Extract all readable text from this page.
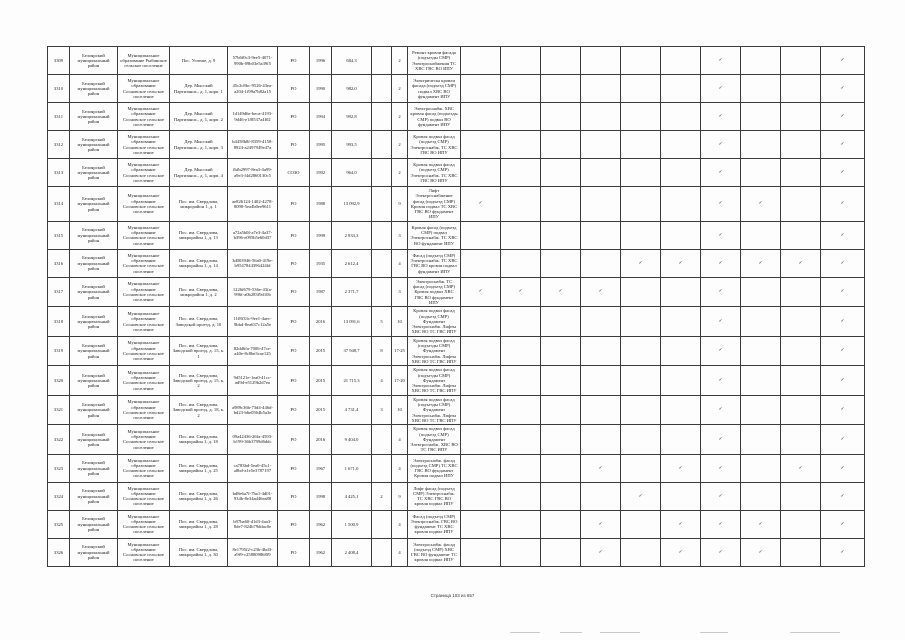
3309	Белоярский муниципальный район	Муниципальное образование Рыбинское сельское поселение	Пос. Углеше, д. 9	57b6f0c3-9ee5-4071-990b-09b03e5a39f5	РО	1996	684,3		2	Ремонт кровли фасада (подъезды СМР) Электроснабжения ТС ХВС ГВС ВО ИПУ							✓			✓
3310	Белоярский муниципальный район	Муниципальное образование Сосновское сельское поселение	Дер. Мысский Партизанск., д. 1, корп. 1	45c2c8bc-9526-43ea-a204-1f99a7b82a15	РО	1990	982,0		2	Электрическа кровли фасада (подъезд СМР) подвал ХВС ВО фундамент ИПУ							✓			✓
3311	Белоярский муниципальный район	Муниципальное образование Сосновское сельское поселение	Дер. Мысский Партизанск., д. 1, корп. 2	1d149d6e-beca-4193-9d46-e1f8537a4f02	РО	1994	992,8		2	Электроснабж. ХВС кровля фасад (подъезды СМР) подвал ВО фундамент ИПУ							✓			✓
3312	Белоярский муниципальный район	Муниципальное образование Сосновское сельское поселение	Дер. Мысский Партизанск., д. 1, корп. 3	b4458b8f-8359-4158-8924-a2497949e47a	РО	1995	993,5		2	Кровля подвал фасад (подъезд СМР) Электроснабж. ТС ХВС ГВС ВО ИПУ							✓			✓
3313	Белоярский муниципальный район	Муниципальное образование Сосновское сельское поселение	Дер. Мысский Партизанск., д. 1, корп. 4	fbfb2997-8ea3-4a99-a9e3-f4d2860130c5	СОЗО	1992	964,0		2	Кровля подвал фасад (подъезд СМР) Электроснабж. ТС ХВС ГВС ВО ИПУ							✓			✓
3314	Белоярский муниципальный район	Муниципальное образование Сосновское сельское поселение	Пос. им. Свердлова, микрорайон 1, д. 1	ae826124-1402-4278-8098-5ea4b0ee9611	РО	1988	13 092,9		9	Лифт Электроснабжение фасад (подъезд СМР) Кровля подвал ТС ХВС ГВС ВО фундамент ИПУ	✓						✓	✓		✓
3315	Белоярский муниципальный район	Муниципальное образование Сосновское сельское поселение	Пос. им. Свердлова, микрорайон 1, д. 13	a72a5b0f-a7e3-4a37-b396-e095b5e60d37	РО	1999	2 933,3		3	Кровля фасад (подъезд СМР) подвал Электроснабж. ТС ХВС ВО фундамент ИПУ							✓			✓
3316	Белоярский муниципальный район	Муниципальное образование Сосновское сельское поселение	Пос. им. Свердлова, микрорайон 1, д. 14	3d003946-56a0-419e-b9547844396424fd	РО	1935	2 612,4		4	Фасад (подъезд СМР) Электроснабж. ТС ХВС ГВС ВО кровля подвал фундамент ИПУ					✓	✓	✓	✓	✓	✓
3317	Белоярский муниципальный район	Муниципальное образование Сосновское сельское поселение	Пос. им. Свердлова, микрорайон 1, д. 2	1226f679-536e-43fa-996f-a0b283f9d10b	РО	1987	2 371,7		3	Электроснабж. ТС фасад (подъезд СМР) Кровля подвал ХВС ГВС ВО фундамент ИПУ	✓	✓	✓	✓			✓			✓
3318	Белоярский муниципальный район	Муниципальное образование Сосновское сельское поселение	Пос. им. Свердлова, Заводской проезд, д. 10	11f8f33c-9ee1-4aec-9bbd-8ea637c12a5e	РО	2016	13 091,6	5	10	Кровля подвал фасад (подъезд СМР) Фундамент Электроснабж. Лифты ХВС ВО ТС ГВС ИПУ							✓			✓
3319	Белоярский муниципальный район	Муниципальное образование Сосновское сельское поселение	Пос. им. Свердлова, Заводской проезд, д. 15, к. 1	82dd6fa-7006-47ce-a40e-8c8be3cae125	РО	2015	37 948,7	8	17-25	Кровля подвал фасад (подъезды СМР) Фундамент Электроснабж. Лифты ХВС ВО ТС ГВС ИПУ							✓			✓
3320	Белоярский муниципальный район	Муниципальное образование Сосновское сельское поселение	Пос. им. Свердлова, Заводской проезд, д. 15, к. 2	9d5121e-1ea0-41cc-ad9d-e5129b2d7ea	РО	2015	21 715,3	4	17-20	Кровля подвал фасад (подъезды СМР) Фундамент Электроснабж. Лифты ХВС ВО ТС ГВС ИПУ							✓			✓
3321	Белоярский муниципальный район	Муниципальное образование Сосновское сельское поселение	Пос. им. Свердлова, Заводской проезд, д. 18, к. 2	a989c36b-73d4-446d-bd23-b6e0564b5a3e	РО	2015	4 731,4	3	10	Кровля подвал фасад (подъезды СМР) Фундамент Электроснабж. Лифты ХВС ВО ТС ГВС ИПУ							✓			✓
3322	Белоярский муниципальный район	Муниципальное образование Сосновское сельское поселение	Пос. им. Свердлова, микрорайон 1, д. 18	09a42436-26fa-4593-b199-36b3799d6ddc	РО	2016	9 404,0		4	Кровля подвал фасад (подъезд СМР) Фундамент Электроснабж. ХВС ВО ТС ГВС ИПУ							✓			✓
3323	Белоярский муниципальный район	Муниципальное образование Сосновское сельское поселение	Пос. им. Свердлова, микрорайон 1, д. 25	ca783bd-5ea0-45c1-a8bd-a1e5e3787197	РО	1967	1 671,0		4	Электроснабж. фасад (подъезд СМР) ТС ХВС ГВС ВО фундамент Кровля подвал ИПУ				✓		✓	✓		✓	✓
3324	Белоярский муниципальный район	Муниципальное образование Сосновское сельское поселение	Пос. им. Свердлова, микрорайон 1, д. 26	bd8e6a7f-7ba1-4d01-934b-8e34ad46ea88	РО	1998	4 425,1	2	9	Лифт фасад (подъезд СМР) Электроснабж. ТС ХВС ГВС ВО кровля подвал ИПУ					✓		✓			✓
3325	Белоярский муниципальный район	Муниципальное образование Сосновское сельское поселение	Пос. им. Свердлова, микрорайон 1, д. 28	b97ba60-d1d3-4aa3-8de7-824b79ddac0e	РО	1962	1 500,9		4	Фасад (подъезд СМР) Электроснабж. ГВС ВО фундамент ТС ХВС кровля подвал ИПУ				✓		✓	✓	✓		✓
3326	Белоярский муниципальный район	Муниципальное образование Сосновское сельское поселение	Пос. им. Свердлова, микрорайон 1, д. 30	8e1795f2-c23b-4bd3-a9f9-c258809868f9	РО	1962	2 408,4		4	Электроснабж. фасад (подъезд СМР) ХВС ГВС ВО фундамент ТС кровля подвал ИПУ				✓		✓	✓	✓		✓
Страница 103 из 657
